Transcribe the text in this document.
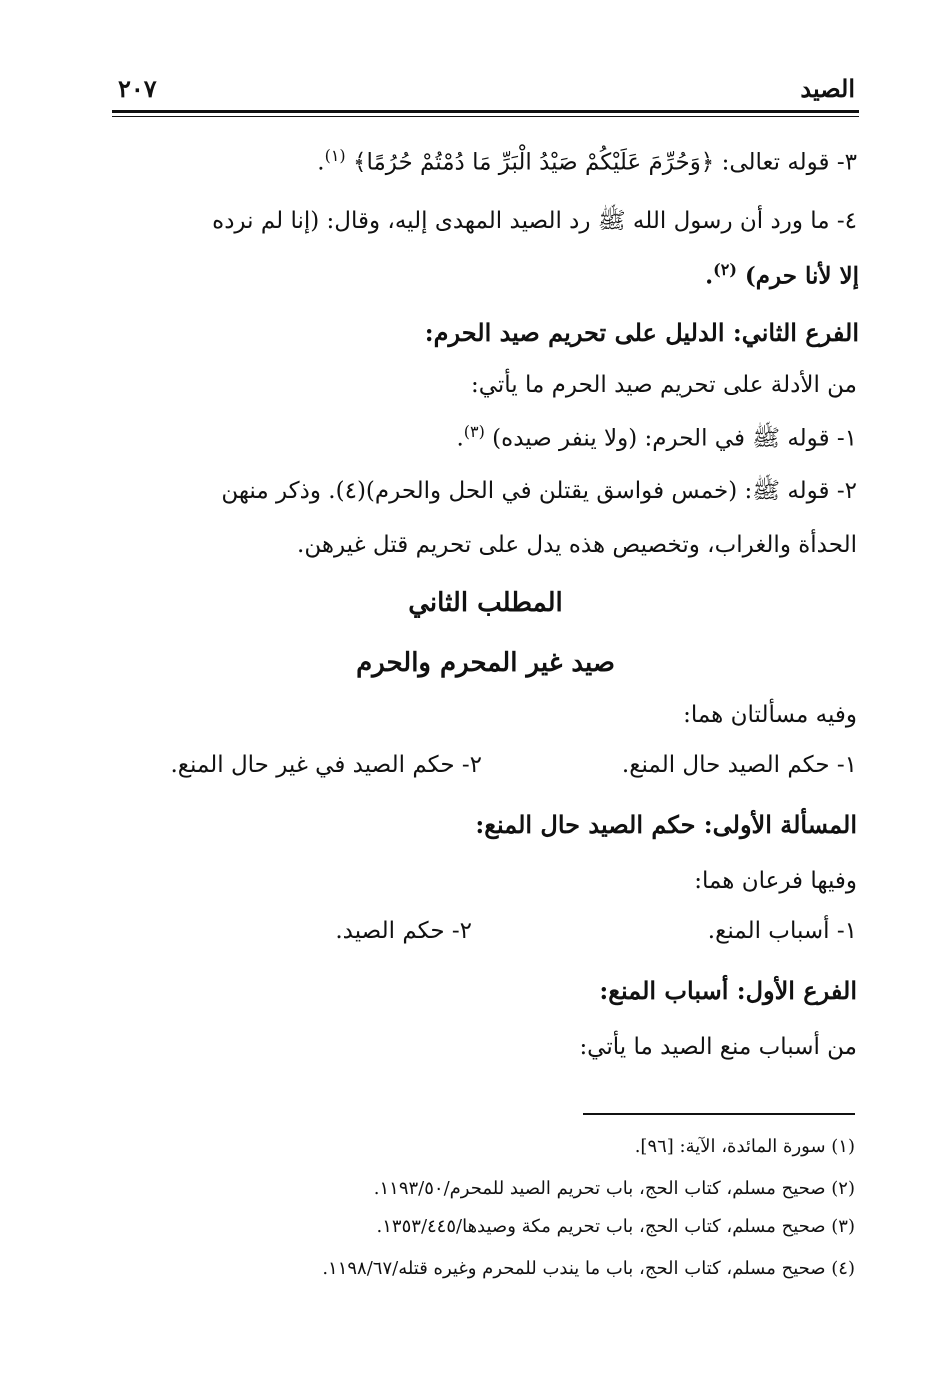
الصيد
٢٠٧
٣- قوله تعالى: ﴿وَحُرِّمَ عَلَيْكُمْ صَيْدُ الْبَرِّ مَا دُمْتُمْ حُرُمًا﴾ $^{(١)}$.
٤- ما ورد أن رسول الله ﷺ رد الصيد المهدى إليه، وقال: (إنا لم نرده
إلا لأنا حرم) $^{(٢)}$.
الفرع الثاني: الدليل على تحريم صيد الحرم:
من الأدلة على تحريم صيد الحرم ما يأتي:
١- قوله ﷺ في الحرم: (ولا ينفر صيده) $^{(٣)}$.
٢- قوله ﷺ: (خمس فواسق يقتلن في الحل والحرم)(٤). وذكر منهن
الحدأة والغراب، وتخصيص هذه يدل على تحريم قتل غيرهن.
المطلب الثاني
صيد غير المحرم والحرم
وفيه مسألتان هما:
١- حكم الصيد حال المنع.
٢- حكم الصيد في غير حال المنع.
المسألة الأولى: حكم الصيد حال المنع:
وفيها فرعان هما:
١- أسباب المنع.
٢- حكم الصيد.
الفرع الأول: أسباب المنع:
من أسباب منع الصيد ما يأتي:
(١) سورة المائدة، الآية: [٩٦].
(٢) صحيح مسلم، كتاب الحج، باب تحريم الصيد للمحرم/١١٩٣/٥٠.
(٣) صحيح مسلم، كتاب الحج، باب تحريم مكة وصيدها/١٣٥٣/٤٤٥.
(٤) صحيح مسلم، كتاب الحج، باب ما يندب للمحرم وغيره قتله/١١٩٨/٦٧.
